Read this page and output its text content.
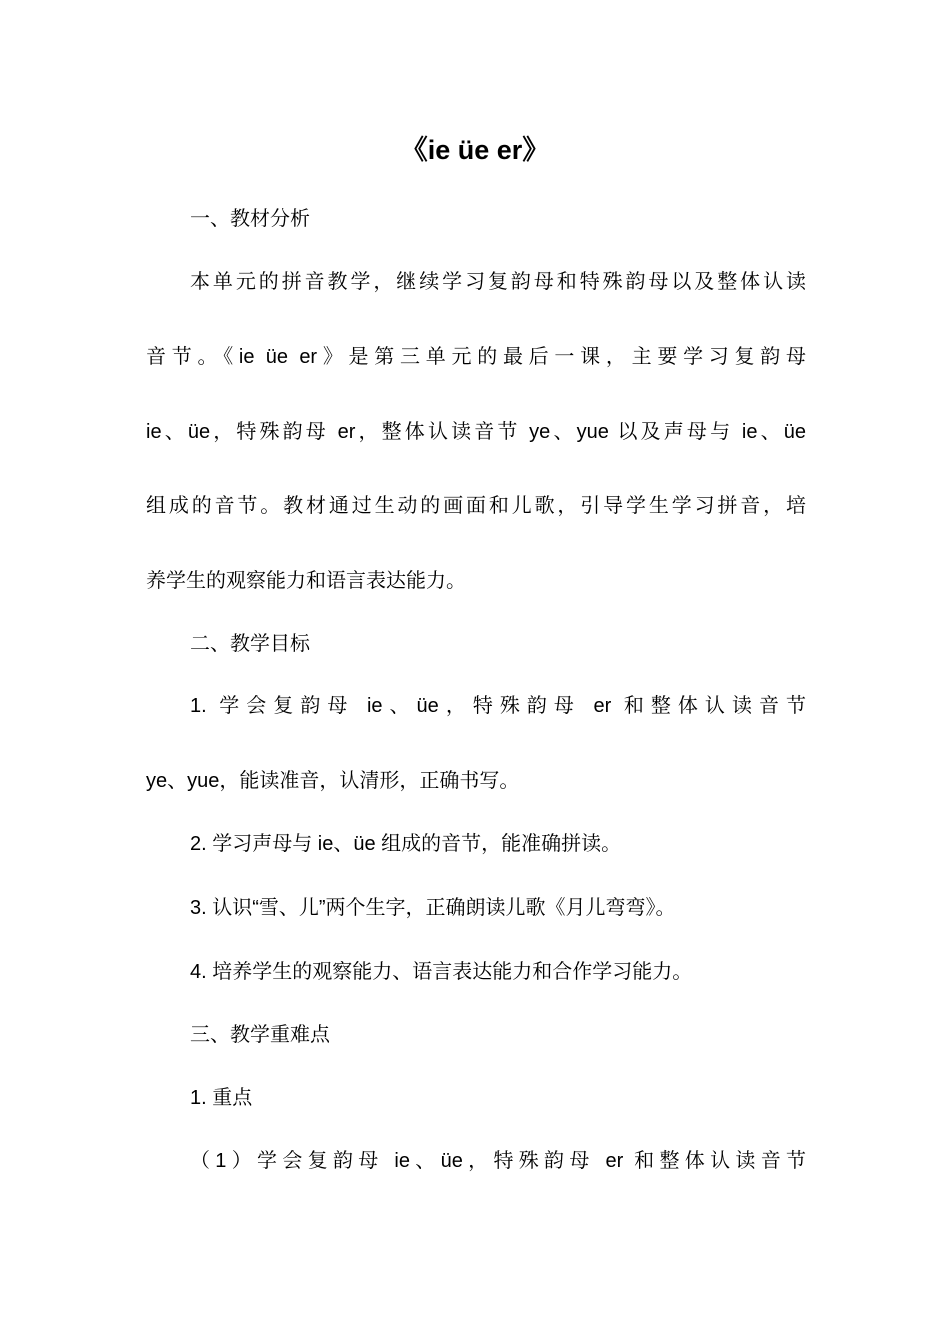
《ie üe er》
一、教材分析
本单元的拼音教学，继续学习复韵母和特殊韵母以及整体认读
音节。《ie üe er》是第三单元的最后一课，主要学习复韵母
ie、üe，特殊韵母 er，整体认读音节 ye、yue 以及声母与 ie、üe
组成的音节。教材通过生动的画面和儿歌，引导学生学习拼音，培
养学生的观察能力和语言表达能力。
二、教学目标
1. 学会复韵母 ie、üe，特殊韵母 er 和整体认读音节
ye、yue，能读准音，认清形，正确书写。
2. 学习声母与 ie、üe 组成的音节，能准确拼读。
3. 认识“雪、儿”两个生字，正确朗读儿歌《月儿弯弯》。
4. 培养学生的观察能力、语言表达能力和合作学习能力。
三、教学重难点
1. 重点
（1）学会复韵母 ie、üe，特殊韵母 er 和整体认读音节
